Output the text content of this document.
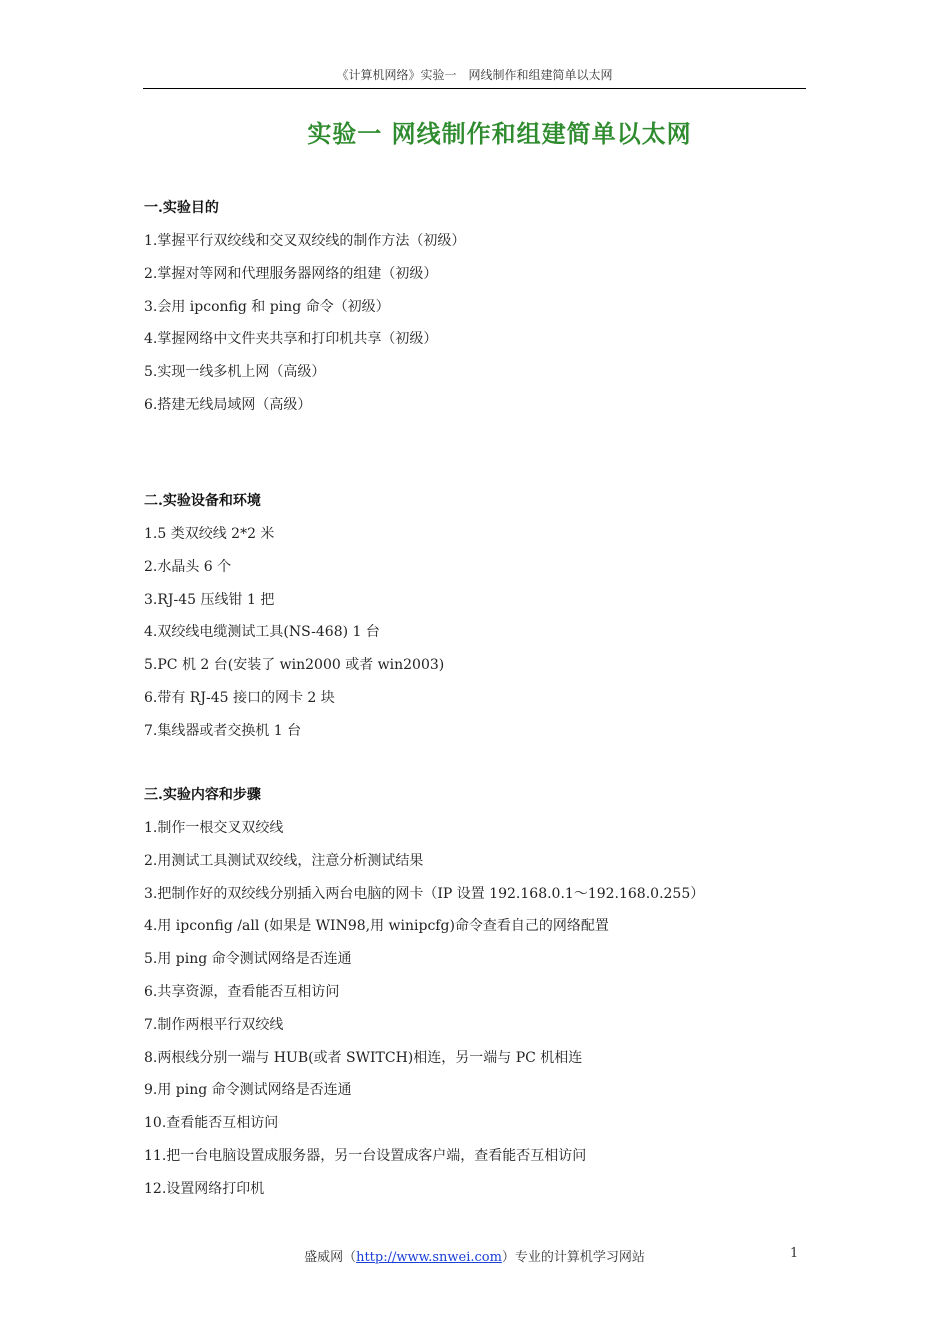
《计算机网络》实验一　网线制作和组建简单以太网
实验一 网线制作和组建简单以太网
一.实验目的
1.掌握平行双绞线和交叉双绞线的制作方法（初级）
2.掌握对等网和代理服务器网络的组建（初级）
3.会用 ipconfig 和 ping 命令（初级）
4.掌握网络中文件夹共享和打印机共享（初级）
5.实现一线多机上网（高级）
6.搭建无线局域网（高级）
二.实验设备和环境
1.5 类双绞线 2*2 米
2.水晶头 6 个
3.RJ-45 压线钳 1 把
4.双绞线电缆测试工具(NS-468) 1 台
5.PC 机 2 台(安装了 win2000 或者 win2003)
6.带有 RJ-45 接口的网卡 2 块
7.集线器或者交换机 1 台
三.实验内容和步骤
1.制作一根交叉双绞线
2.用测试工具测试双绞线，注意分析测试结果
3.把制作好的双绞线分别插入两台电脑的网卡（IP 设置 192.168.0.1～192.168.0.255）
4.用 ipconfig /all (如果是 WIN98,用 winipcfg)命令查看自己的网络配置
5.用 ping 命令测试网络是否连通
6.共享资源，查看能否互相访问
7.制作两根平行双绞线
8.两根线分别一端与 HUB(或者 SWITCH)相连，另一端与 PC 机相连
9.用 ping 命令测试网络是否连通
10.查看能否互相访问
11.把一台电脑设置成服务器，另一台设置成客户端，查看能否互相访问
12.设置网络打印机
盛威网（http://www.snwei.com）专业的计算机学习网站	1
